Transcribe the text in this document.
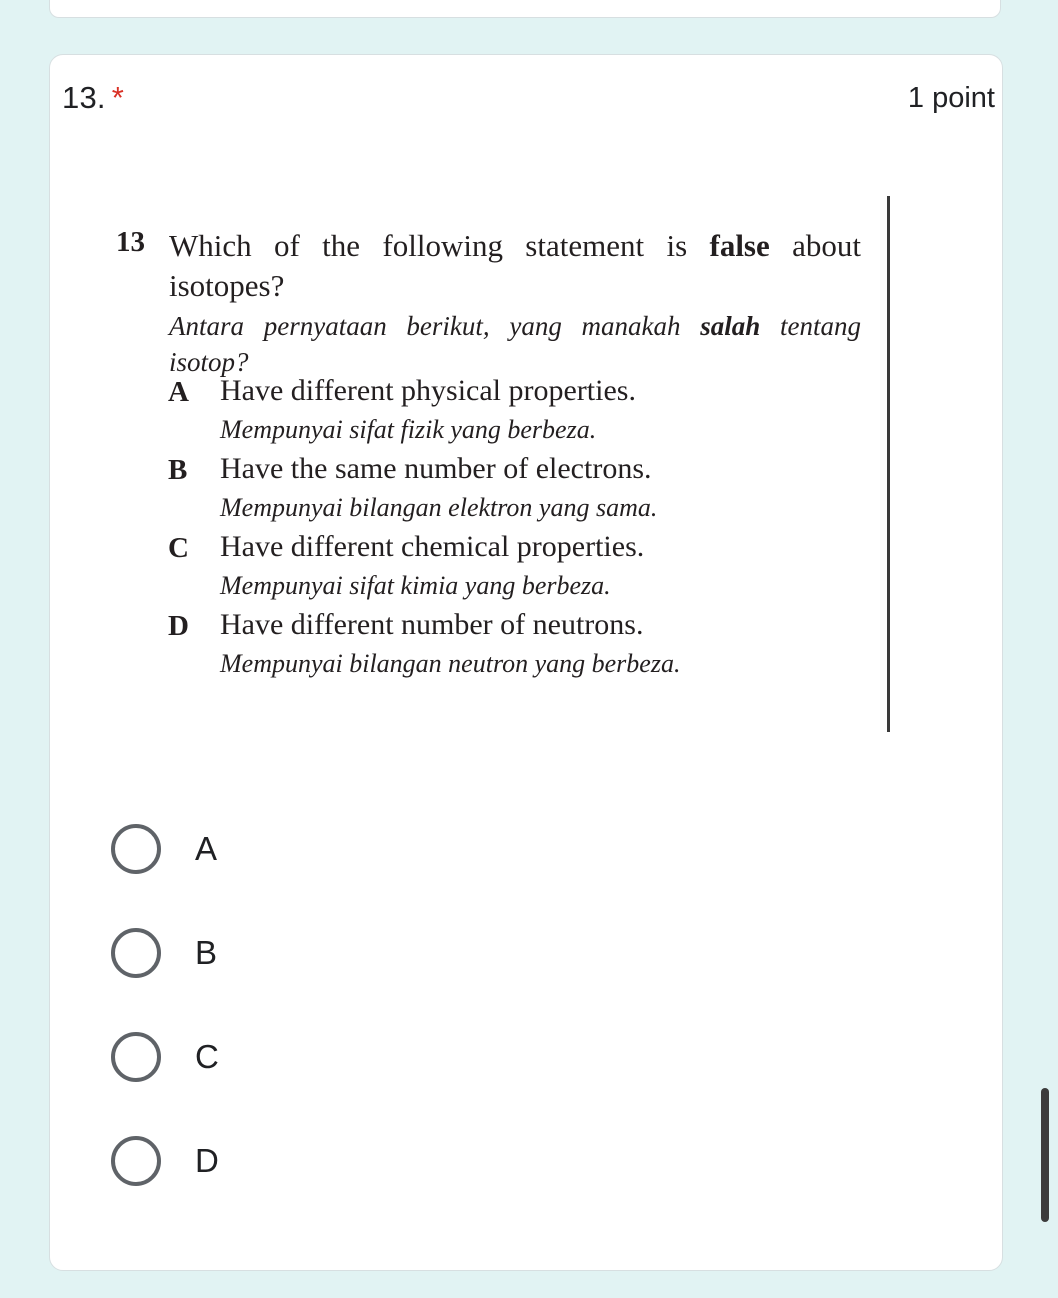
13. *	1 point
13 Which of the following statement is false about isotopes?
Antara pernyataan berikut, yang manakah salah tentang isotop?
A Have different physical properties.
Mempunyai sifat fizik yang berbeza.
B Have the same number of electrons.
Mempunyai bilangan elektron yang sama.
C Have different chemical properties.
Mempunyai sifat kimia yang berbeza.
D Have different number of neutrons.
Mempunyai bilangan neutron yang berbeza.
A
B
C
D
